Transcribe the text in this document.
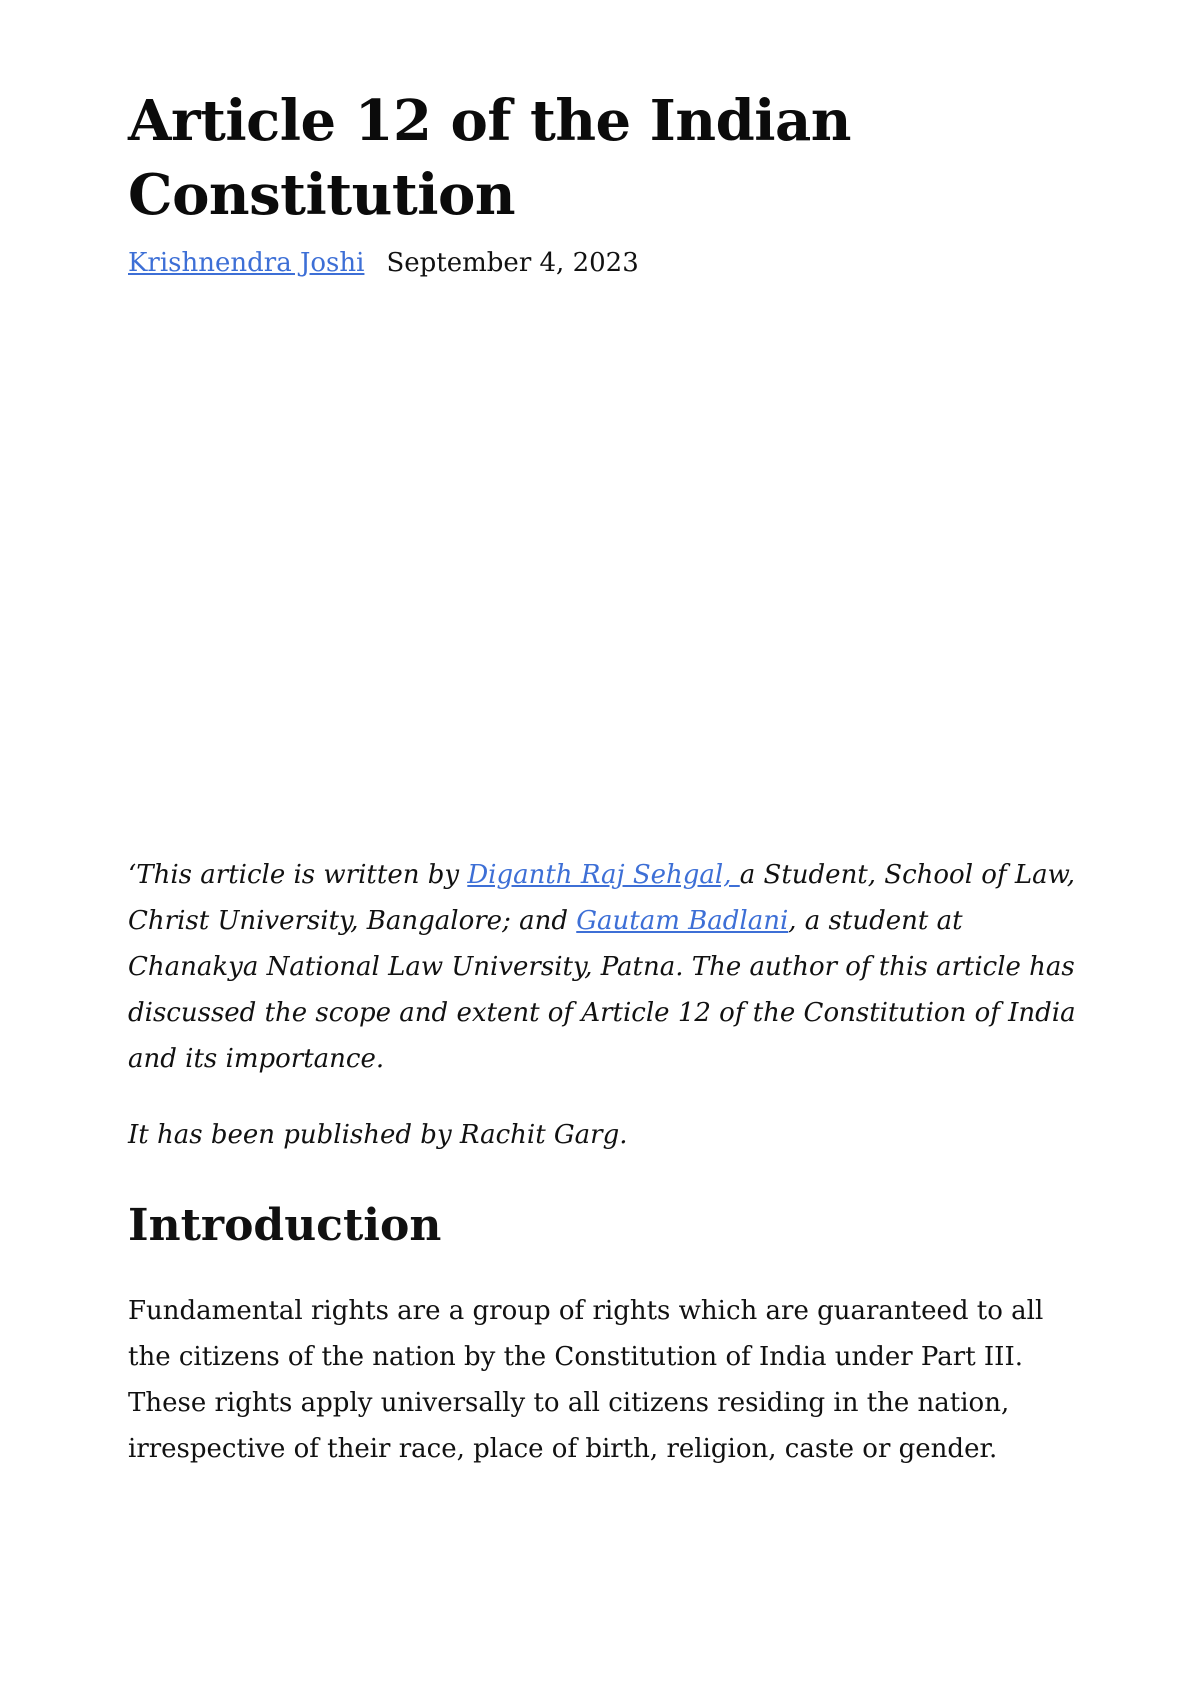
Article 12 of the Indian Constitution
Krishnendra Joshi September 4, 2023

‘This article is written by Diganth Raj Sehgal, a Student, School of Law, Christ University, Bangalore; and Gautam Badlani, a student at Chanakya National Law University, Patna. The author of this article has discussed the scope and extent of Article 12 of the Constitution of India and its importance.

It has been published by Rachit Garg.

Introduction

Fundamental rights are a group of rights which are guaranteed to all the citizens of the nation by the Constitution of India under Part III. These rights apply universally to all citizens residing in the nation, irrespective of their race, place of birth, religion, caste or gender.
